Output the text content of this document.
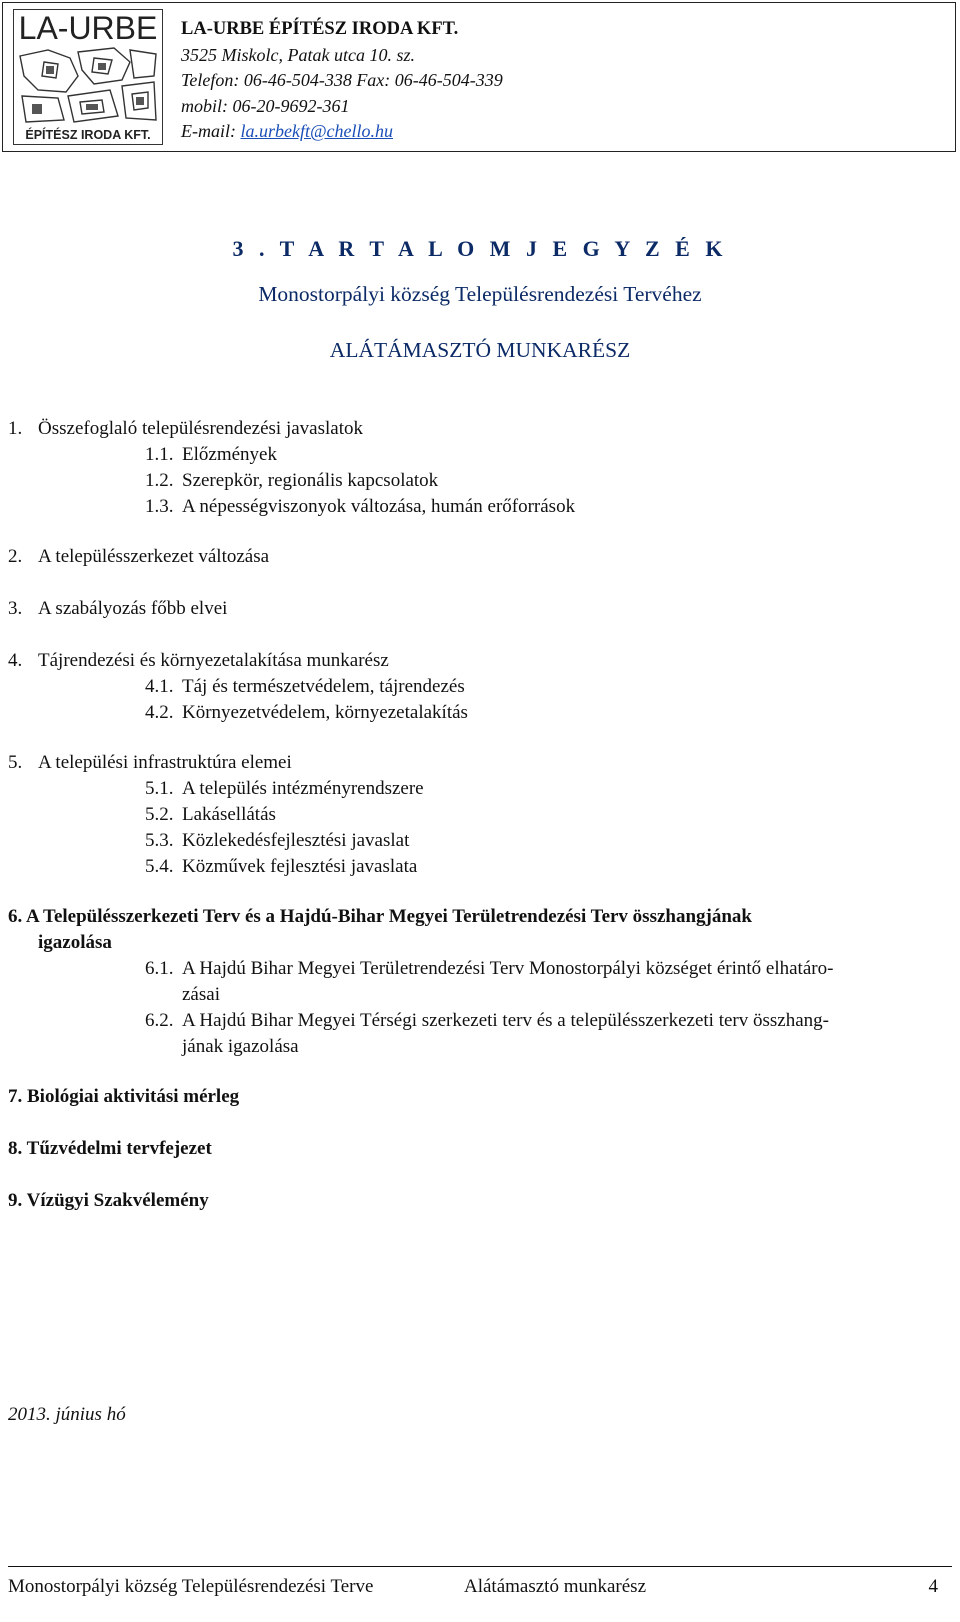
LA-URBE
ÉPÍTÉSZ IRODA KFT.
LA-URBE ÉPÍTÉSZ IRODA KFT.
3525 Miskolc, Patak utca 10. sz.
Telefon: 06-46-504-338 Fax: 06-46-504-339
mobil: 06-20-9692-361
E-mail: la.urbekft@chello.hu
3 . T A R T A L O M J E G Y Z É K
Monostorpályi község Településrendezési Tervéhez
ALÁTÁMASZTÓ MUNKARÉSZ
1. Összefoglaló településrendezési javaslatok
1.1. Előzmények
1.2. Szerepkör, regionális kapcsolatok
1.3. A népességviszonyok változása, humán erőforrások
2. A településszerkezet változása
3. A szabályozás főbb elvei
4. Tájrendezési és környezetalakítása munkarész
4.1. Táj és természetvédelem, tájrendezés
4.2. Környezetvédelem, környezetalakítás
5. A települési infrastruktúra elemei
5.1. A település intézményrendszere
5.2. Lakásellátás
5.3. Közlekedésfejlesztési javaslat
5.4. Közművek fejlesztési javaslata
6. A Településszerkezeti Terv és a Hajdú-Bihar Megyei Területrendezési Terv összhangjának
igazolása
6.1. A Hajdú Bihar Megyei Területrendezési Terv Monostorpályi községet érintő elhatáro-
zásai
6.2. A Hajdú Bihar Megyei Térségi szerkezeti terv és a településszerkezeti terv összhang-
jának igazolása
7. Biológiai aktivitási mérleg
8. Tűzvédelmi tervfejezet
9. Vízügyi Szakvélemény
2013. június hó
Monostorpályi község Településrendezési Terve	Alátámasztó munkarész	4
